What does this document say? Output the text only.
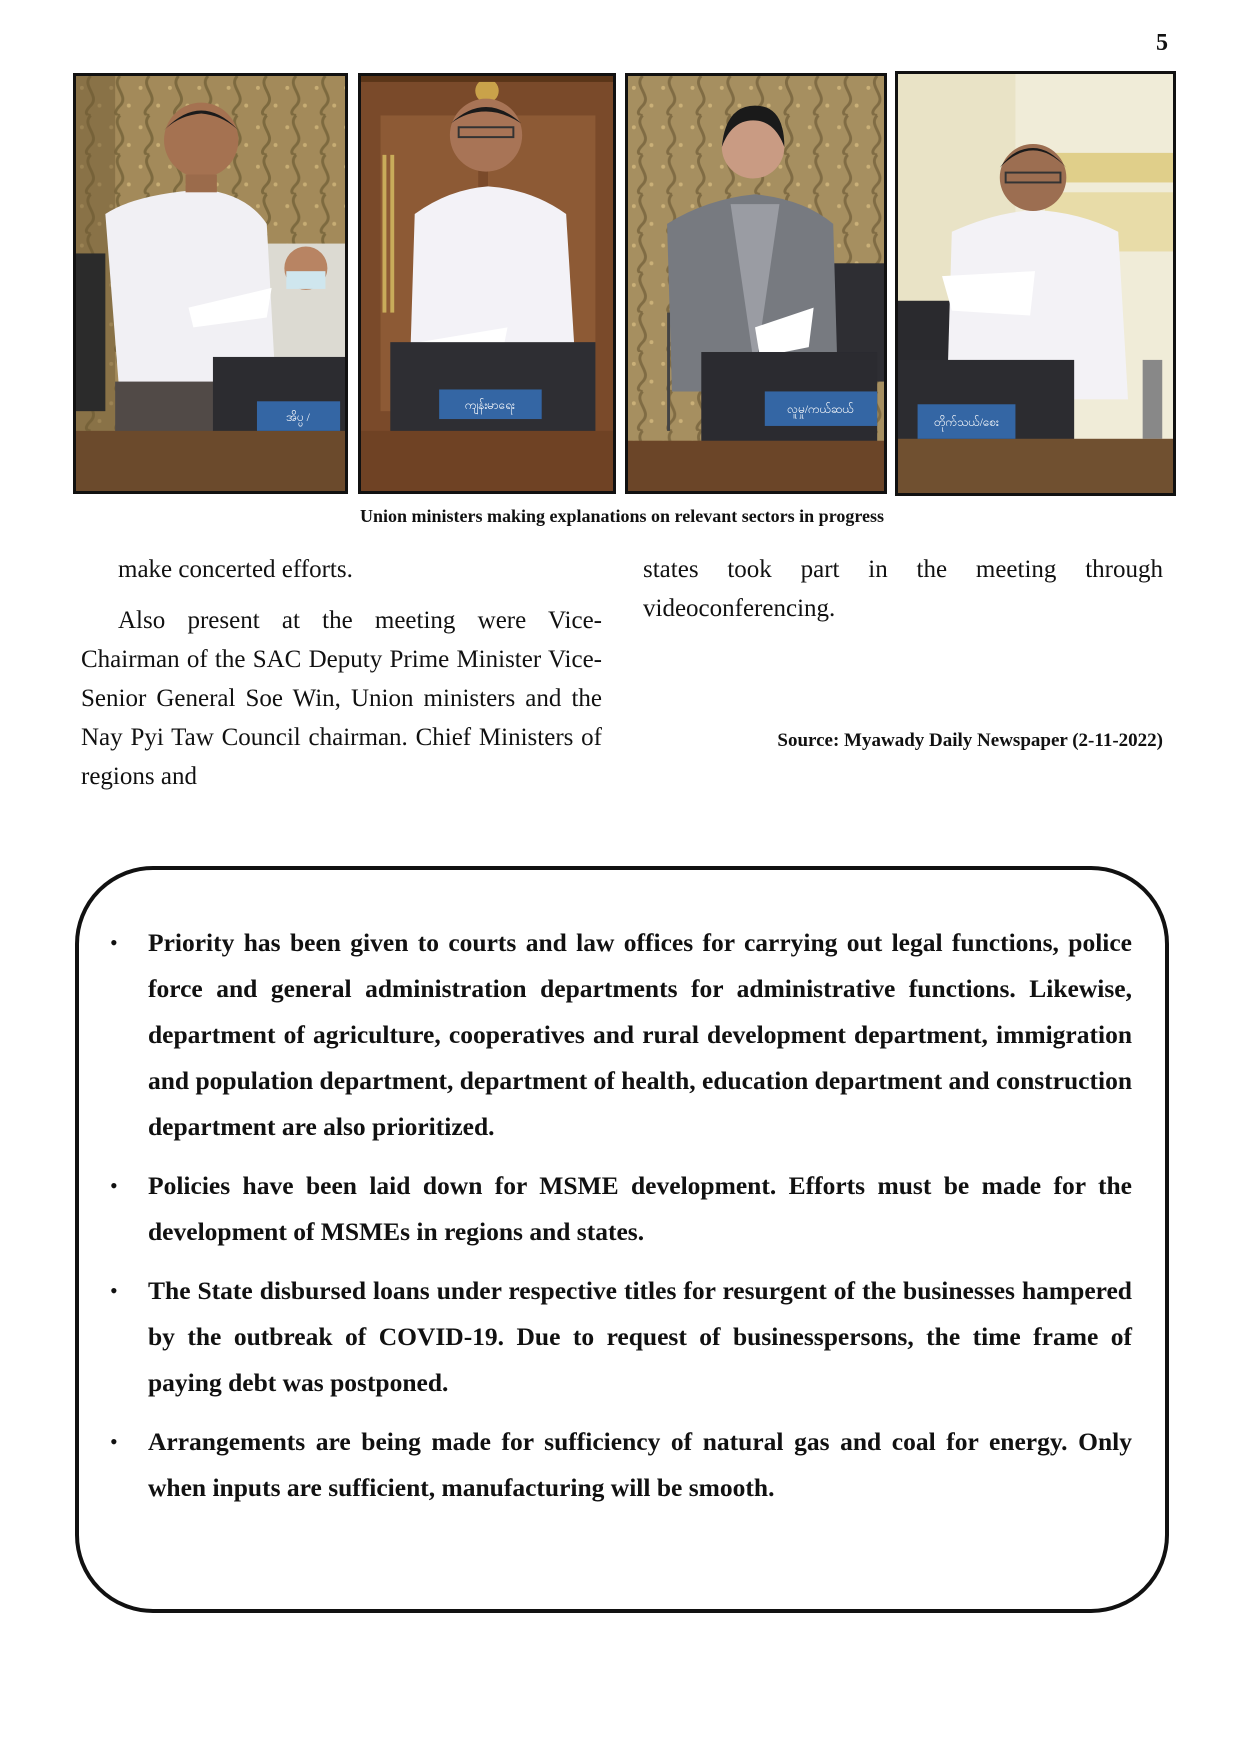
5
အိပ္ပ /
ကျန်းမာရေး	လူမှု/ကယ်ဆယ်
တိုက်သယ်/စေး
Union ministers making explanations on relevant sectors in progress

make concerted efforts.

Also present at the meeting were Vice-Chairman of the SAC Deputy Prime Minister Vice-Senior General Soe Win, Union ministers and the Nay Pyi Taw Council chairman. Chief Ministers of regions and

states took part in the meeting through videoconferencing.

Source: Myawady Daily Newspaper (2-11-2022)
• Priority has been given to courts and law offices for carrying out legal functions, police force and general administration departments for administrative functions. Likewise, department of agriculture, cooperatives and rural development department, immigration and population department, department of health, education department and construction department are also prioritized.
• Policies have been laid down for MSME development. Efforts must be made for the development of MSMEs in regions and states.
• The State disbursed loans under respective titles for resurgent of the businesses hampered by the outbreak of COVID-19. Due to request of businesspersons, the time frame of paying debt was postponed.
• Arrangements are being made for sufficiency of natural gas and coal for energy. Only when inputs are sufficient, manufacturing will be smooth.
